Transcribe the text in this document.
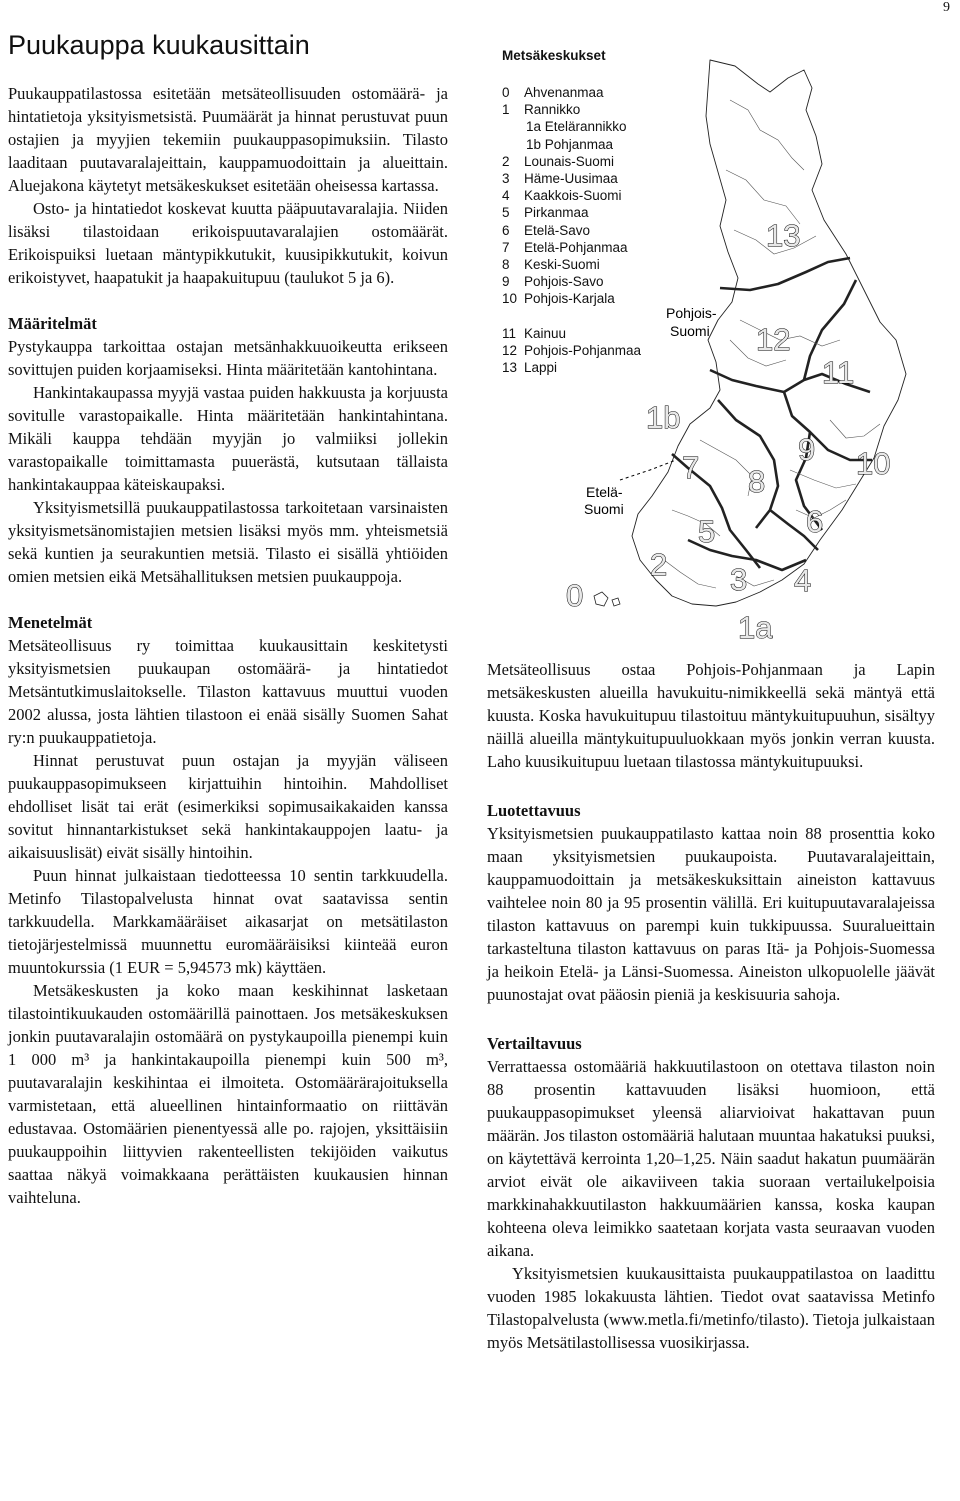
9
Puukauppa kuukausittain

Puukauppatilastossa esitetään metsäteollisuuden ostomäärä- ja hintatietoja yksityismetsistä. Puumäärät ja hinnat perustuvat puun ostajien ja myyjien tekemiin puukauppasopimuksiin. Tilasto laaditaan puutavaralajeittain, kauppamuodoittain ja alueittain. Aluejakona käytetyt metsäkeskukset esitetään oheisessa kartassa.

Osto- ja hintatiedot koskevat kuutta pääpuutavaralajia. Niiden lisäksi tilastoidaan erikoispuutavaralajien ostomäärät. Erikoispuiksi luetaan mäntypikkutukit, kuusipikkutukit, koivun erikoistyvet, haapatukit ja haapakuitupuu (taulukot 5 ja 6).

Määritelmät

Pystykauppa tarkoittaa ostajan metsänhakkuuoikeutta erikseen sovittujen puiden korjaamiseksi. Hinta määritetään kantohintana.

Hankintakaupassa myyjä vastaa puiden hakkuusta ja korjuusta sovitulle varastopaikalle. Hinta määritetään hankintahintana. Mikäli kauppa tehdään myyjän jo valmiiksi jollekin varastopaikalle toimittamasta puuerästä, kutsutaan tällaista hankintakauppaa käteiskaupaksi.

Yksityismetsillä puukauppatilastossa tarkoitetaan varsinaisten yksityismetsänomistajien metsien lisäksi myös mm. yhteismetsiä sekä kuntien ja seurakuntien metsiä. Tilasto ei sisällä yhtiöiden omien metsien eikä Metsähallituksen metsien puukauppoja.

Menetelmät

Metsäteollisuus ry toimittaa kuukausittain keskitetysti yksityismetsien puukaupan ostomäärä- ja hintatiedot Metsäntutkimuslaitokselle. Tilaston kattavuus muuttui vuoden 2002 alussa, josta lähtien tilastoon ei enää sisälly Suomen Sahat ry:n puukauppatietoja.

Hinnat perustuvat puun ostajan ja myyjän väliseen puukauppasopimukseen kirjattuihin hintoihin. Mahdolliset ehdolliset lisät tai erät (esimerkiksi sopimusaikakaiden kanssa sovitut hinnantarkistukset sekä hankintakauppojen laatu- ja aikaisuuslisät) eivät sisälly hintoihin.

Puun hinnat julkaistaan tiedotteessa 10 sentin tarkkuudella. Metinfo Tilastopalvelusta hinnat ovat saatavissa sentin tarkkuudella. Markkamääräiset aikasarjat on metsätilaston tietojärjestelmissä muunnettu euromääräisiksi kiinteää euron muuntokurssia (1 EUR = 5,94573 mk) käyttäen.

Metsäkeskusten ja koko maan keskihinnat lasketaan tilastointikuukauden ostomäärillä painottaen. Jos metsäkeskuksen jonkin puutavaralajin ostomäärä on pystykaupoilla pienempi kuin 1 000 m³ ja hankintakaupoilla pienempi kuin 500 m³, puutavaralajin keskihintaa ei ilmoiteta. Ostomäärärajoituksella varmistetaan, että alueellinen hintainformaatio on riittävän edustavaa. Ostomäärien pienentyessä alle po. rajojen, yksittäisiin puukauppoihin liittyvien rakenteellisten tekijöiden vaikutus saattaa näkyä voimakkaana perättäisten kuukausien hinnan vaihteluna.

Metsäkeskukset
0 Ahvenanmaa
1 Rannikko
1a Etelärannikko
1b Pohjanmaa
2 Lounais-Suomi
3 Häme-Uusimaa
4 Kaakkois-Suomi
5 Pirkanmaa
6 Etelä-Savo
7 Etelä-Pohjanmaa
8 Keski-Suomi
9 Pohjois-Savo
10 Pohjois-Karjala
11 Kainuu
12 Pohjois-Pohjanmaa
13 Lappi
Pohjois-
Suomi
Etelä-
Suomi
13
12
11
1b
9 10
7 8
6
5
2 3 4
0
1a

Metsäteollisuus ostaa Pohjois-Pohjanmaan ja Lapin metsäkeskusten alueilla havukuitu-nimikkeellä sekä mäntyä että kuusta. Koska havukuitupuu tilastoituu mäntykuitupuuhun, sisältyy näillä alueilla mäntykuitupuuluokkaan myös jonkin verran kuusta. Laho kuusikuitupuu luetaan tilastossa mäntykuitupuuksi.

Luotettavuus

Yksityismetsien puukauppatilasto kattaa noin 88 prosenttia koko maan yksityismetsien puukaupoista. Puutavaralajeittain, kauppamuodoittain ja metsäkeskuksittain aineiston kattavuus vaihtelee noin 80 ja 95 prosentin välillä. Eri kuitupuutavaralajeissa tilaston kattavuus on parempi kuin tukkipuussa. Suuralueittain tarkasteltuna tilaston kattavuus on paras Itä- ja Pohjois-Suomessa ja heikoin Etelä- ja Länsi-Suomessa. Aineiston ulkopuolelle jäävät puunostajat ovat pääosin pieniä ja keskisuuria sahoja.

Vertailtavuus

Verrattaessa ostomääriä hakkuutilastoon on otettava tilaston noin 88 prosentin kattavuuden lisäksi huomioon, että puukauppasopimukset yleensä aliarvioivat hakattavan puun määrän. Jos tilaston ostomääriä halutaan muuntaa hakatuksi puuksi, on käytettävä kerrointa 1,20–1,25. Näin saadut hakatun puumäärän arviot eivät ole aikaviiveen takia suoraan vertailukelpoisia markkinahakkuutilaston hakkuumäärien kanssa, koska kaupan kohteena oleva leimikko saatetaan korjata vasta seuraavan vuoden aikana.

Yksityismetsien kuukausittaista puukauppatilastoa on laadittu vuoden 1985 lokakuusta lähtien. Tiedot ovat saatavissa Metinfo Tilastopalvelusta (www.metla.fi/metinfo/tilasto). Tietoja julkaistaan myös Metsätilastollisessa vuosikirjassa.
